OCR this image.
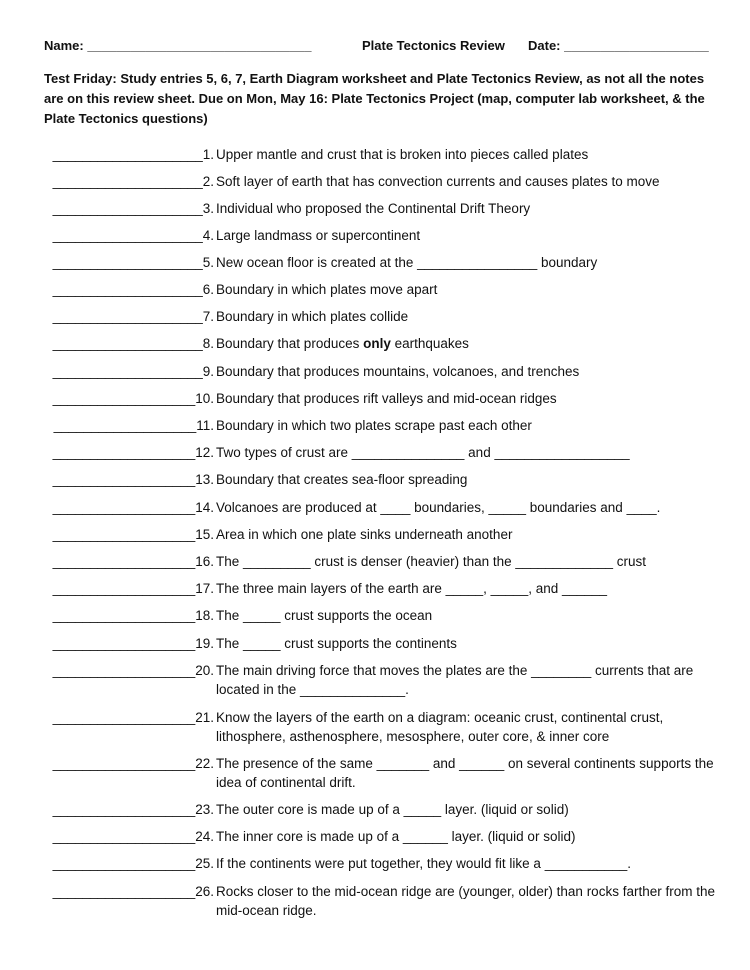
Name: _______________________________	Plate Tectonics Review Date: ____________________
Test Friday: Study entries 5, 6, 7, Earth Diagram worksheet and Plate Tectonics Review, as not all the notes are on this review sheet. Due on Mon, May 16: Plate Tectonics Project (map, computer lab worksheet, & the Plate Tectonics questions)
____________________1. Upper mantle and crust that is broken into pieces called plates
____________________2. Soft layer of earth that has convection currents and causes plates to move
____________________3. Individual who proposed the Continental Drift Theory
____________________4. Large landmass or supercontinent
____________________5. New ocean floor is created at the ________________ boundary
____________________6. Boundary in which plates move apart
____________________7. Boundary in which plates collide
____________________8. Boundary that produces only earthquakes
____________________9. Boundary that produces mountains, volcanoes, and trenches
___________________10. Boundary that produces rift valleys and mid-ocean ridges
___________________11. Boundary in which two plates scrape past each other
___________________12. Two types of crust are _______________ and __________________
___________________13. Boundary that creates sea-floor spreading
___________________14. Volcanoes are produced at ____ boundaries, _____ boundaries and ____.
___________________15. Area in which one plate sinks underneath another
___________________16. The _________ crust is denser (heavier) than the _____________ crust
___________________17. The three main layers of the earth are _____, _____, and ______
___________________18. The _____ crust supports the ocean
___________________19. The _____ crust supports the continents
___________________20. The main driving force that moves the plates are the ________ currents that are located in the ______________.
___________________21. Know the layers of the earth on a diagram: oceanic crust, continental crust, lithosphere, asthenosphere, mesosphere, outer core, & inner core
___________________22. The presence of the same _______ and ______ on several continents supports the idea of continental drift.
___________________23. The outer core is made up of a _____ layer. (liquid or solid)
___________________24. The inner core is made up of a ______ layer. (liquid or solid)
___________________25. If the continents were put together, they would fit like a ___________.
___________________26. Rocks closer to the mid-ocean ridge are (younger, older) than rocks farther from the mid-ocean ridge.
